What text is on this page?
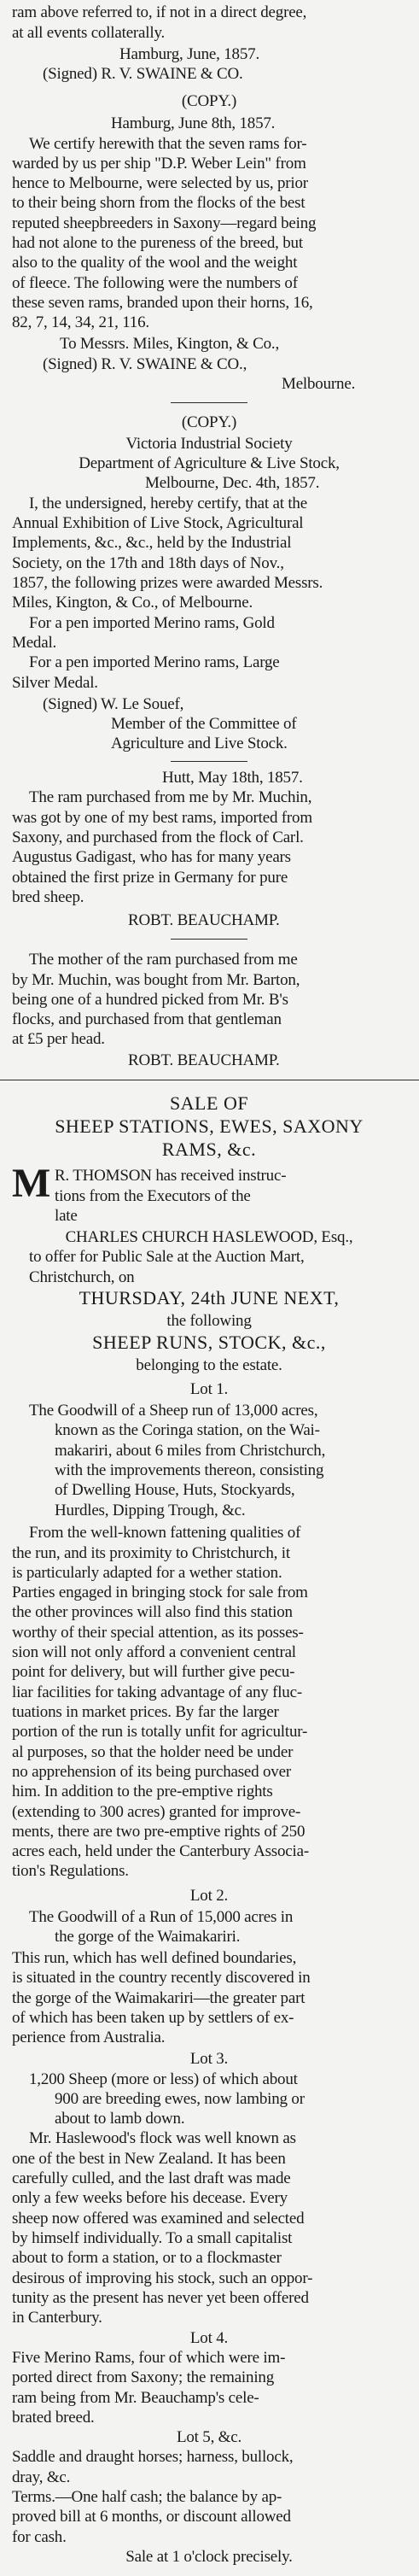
ram above referred to, if not in a direct degree,
at all events collaterally.
Hamburg, June, 1857.
(Signed) R. V. SWAINE & CO.
(COPY.)
Hamburg, June 8th, 1857.
We certify herewith that the seven rams for-
warded by us per ship "D.P. Weber Lein" from
hence to Melbourne, were selected by us, prior
to their being shorn from the flocks of the best
reputed sheepbreeders in Saxony—regard being
had not alone to the pureness of the breed, but
also to the quality of the wool and the weight
of fleece. The following were the numbers of
these seven rams, branded upon their horns, 16,
82, 7, 14, 34, 21, 116.
To Messrs. Miles, Kington, & Co.,
(Signed) R. V. SWAINE & CO.,
Melbourne.
(COPY.)
Victoria Industrial Society
Department of Agriculture & Live Stock,
Melbourne, Dec. 4th, 1857.
I, the undersigned, hereby certify, that at the
Annual Exhibition of Live Stock, Agricultural
Implements, &c., &c., held by the Industrial
Society, on the 17th and 18th days of Nov.,
1857, the following prizes were awarded Messrs.
Miles, Kington, & Co., of Melbourne.
For a pen imported Merino rams, Gold
Medal.
For a pen imported Merino rams, Large
Silver Medal.
(Signed) W. Le Souef,
Member of the Committee of
Agriculture and Live Stock.
Hutt, May 18th, 1857.
The ram purchased from me by Mr. Muchin,
was got by one of my best rams, imported from
Saxony, and purchased from the flock of Carl.
Augustus Gadigast, who has for many years
obtained the first prize in Germany for pure
bred sheep.
ROBT. BEAUCHAMP.
The mother of the ram purchased from me
by Mr. Muchin, was bought from Mr. Barton,
being one of a hundred picked from Mr. B's
flocks, and purchased from that gentleman
at £5 per head.
ROBT. BEAUCHAMP.
SALE OF
SHEEP STATIONS, EWES, SAXONY
RAMS, &c.
M R. THOMSON has received instruc-
tions from the Executors of the
late
CHARLES CHURCH HASLEWOOD, Esq.,
to offer for Public Sale at the Auction Mart,
Christchurch, on
THURSDAY, 24th JUNE NEXT,
the following
SHEEP RUNS, STOCK, &c.,
belonging to the estate.
Lot 1.
The Goodwill of a Sheep run of 13,000 acres,
known as the Coringa station, on the Wai-
makariri, about 6 miles from Christchurch,
with the improvements thereon, consisting
of Dwelling House, Huts, Stockyards,
Hurdles, Dipping Trough, &c.
From the well-known fattening qualities of
the run, and its proximity to Christchurch, it
is particularly adapted for a wether station.
Parties engaged in bringing stock for sale from
the other provinces will also find this station
worthy of their special attention, as its posses-
sion will not only afford a convenient central
point for delivery, but will further give pecu-
liar facilities for taking advantage of any fluc-
tuations in market prices. By far the larger
portion of the run is totally unfit for agricultur-
al purposes, so that the holder need be under
no apprehension of its being purchased over
him. In addition to the pre-emptive rights
(extending to 300 acres) granted for improve-
ments, there are two pre-emptive rights of 250
acres each, held under the Canterbury Associa-
tion's Regulations.
Lot 2.
The Goodwill of a Run of 15,000 acres in
the gorge of the Waimakariri.
This run, which has well defined boundaries,
is situated in the country recently discovered in
the gorge of the Waimakariri—the greater part
of which has been taken up by settlers of ex-
perience from Australia.
Lot 3.
1,200 Sheep (more or less) of which about
900 are breeding ewes, now lambing or
about to lamb down.
Mr. Haslewood's flock was well known as
one of the best in New Zealand. It has been
carefully culled, and the last draft was made
only a few weeks before his decease. Every
sheep now offered was examined and selected
by himself individually. To a small capitalist
about to form a station, or to a flockmaster
desirous of improving his stock, such an oppor-
tunity as the present has never yet been offered
in Canterbury.
Lot 4.
Five Merino Rams, four of which were im-
ported direct from Saxony; the remaining
ram being from Mr. Beauchamp's cele-
brated breed.
Lot 5, &c.
Saddle and draught horses; harness, bullock,
dray, &c.
Terms.—One half cash; the balance by ap-
proved bill at 6 months, or discount allowed
for cash.
Sale at 1 o'clock precisely.
